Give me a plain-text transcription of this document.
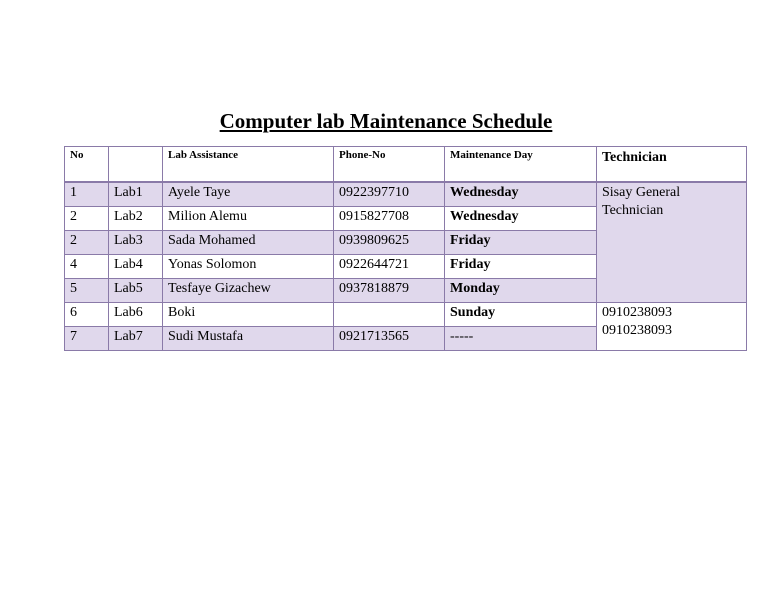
Computer lab Maintenance Schedule
No		Lab Assistance	Phone-No	Maintenance Day	Technician
1	Lab1	Ayele Taye	0922397710	Wednesday	Sisay General
Technician

2	Lab2	Milion Alemu	0915827708	Wednesday	
2	Lab3	Sada Mohamed	0939809625	Friday	
4	Lab4	Yonas Solomon	0922644721	Friday	
5	Lab5	Tesfaye Gizachew	0937818879	Monday	
6	Lab6	Boki		Sunday	0910238093
0910238093

7	Lab7	Sudi Mustafa	0921713565	-----	
